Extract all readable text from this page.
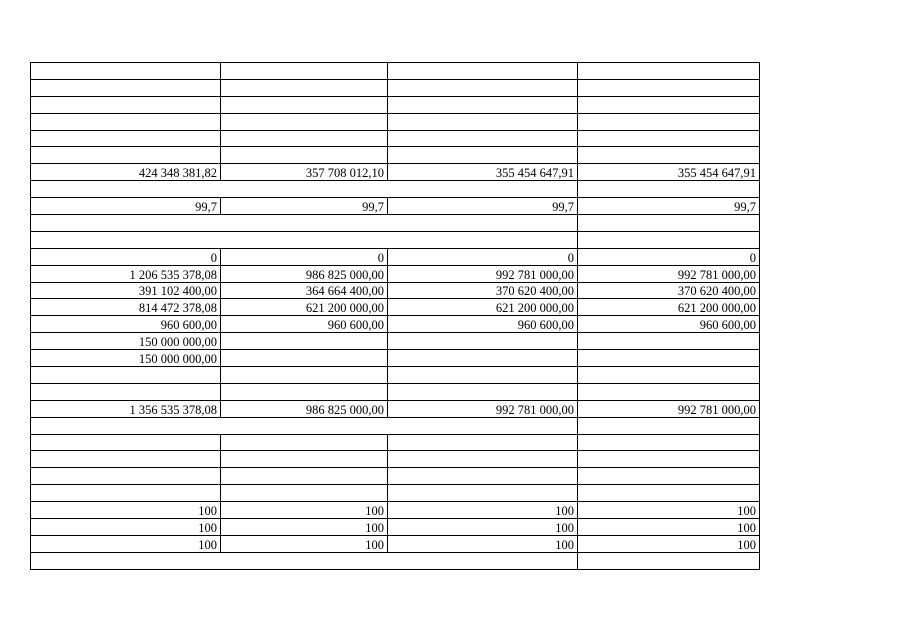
424 348 381,82	357 708 012,10	355 454 647,91	355 454 647,91

99,7	99,7	99,7	99,7

0	0	0	0
1 206 535 378,08	986 825 000,00	992 781 000,00	992 781 000,00
391 102 400,00	364 664 400,00	370 620 400,00	370 620 400,00
814 472 378,08	621 200 000,00	621 200 000,00	621 200 000,00
960 600,00	960 600,00	960 600,00	960 600,00
150 000 000,00			
150 000 000,00			

1 356 535 378,08	986 825 000,00	992 781 000,00	992 781 000,00

100	100	100	100
100	100	100	100
100	100	100	100
